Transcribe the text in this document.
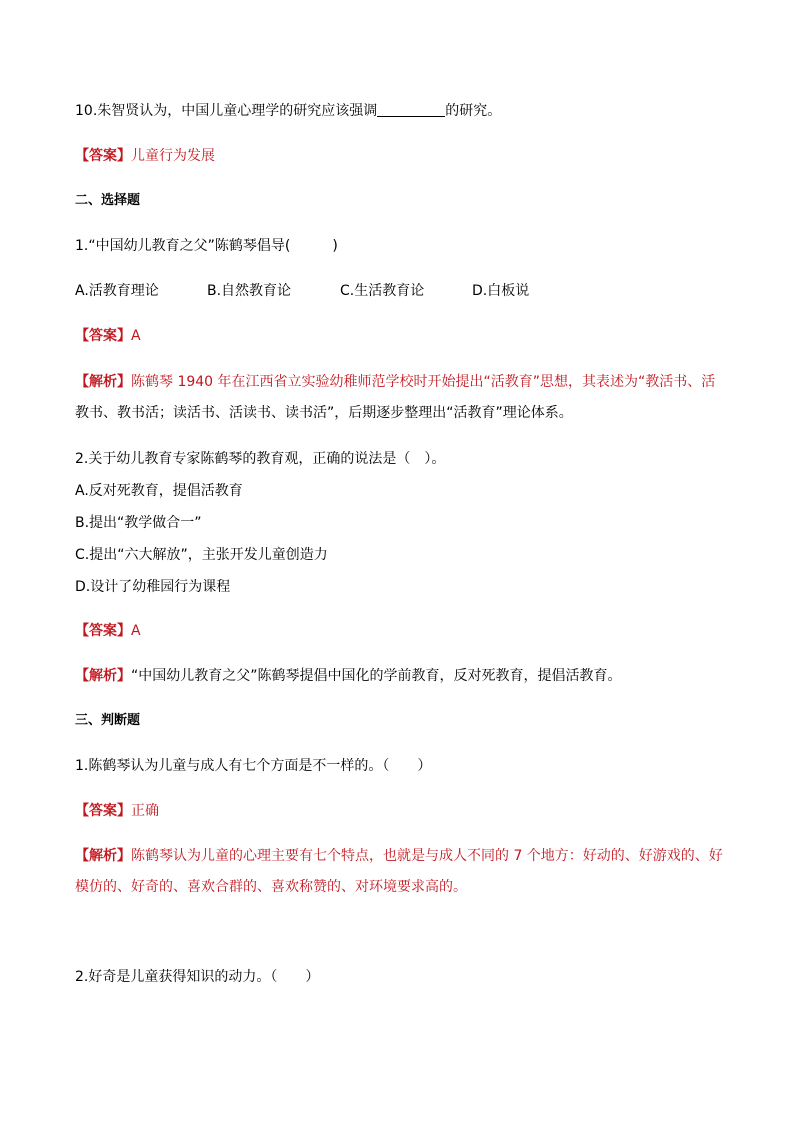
10.朱智贤认为，中国儿童心理学的研究应该强调	的研究。
【答案】儿童行为发展
二、选择题
1.“中国幼儿教育之父”陈鹤琴倡导(　　　)
A.活教育理论	B.自然教育论	C.生活教育论	D.白板说
【答案】A
【解析】陈鹤琴 1940 年在江西省立实验幼稚师范学校时开始提出“活教育”思想，其表述为“教活书、活
教书、教书活；读活书、活读书、读书活”，后期逐步整理出“活教育”理论体系。
2.关于幼儿教育专家陈鹤琴的教育观，正确的说法是（　）。
A.反对死教育，提倡活教育
B.提出“教学做合一”
C.提出“六大解放”，主张开发儿童创造力
D.设计了幼稚园行为课程
【答案】A
【解析】“中国幼儿教育之父”陈鹤琴提倡中国化的学前教育，反对死教育，提倡活教育。
三、判断题
1.陈鹤琴认为儿童与成人有七个方面是不一样的。（　　）
【答案】正确
【解析】陈鹤琴认为儿童的心理主要有七个特点，也就是与成人不同的 7 个地方：好动的、好游戏的、好
模仿的、好奇的、喜欢合群的、喜欢称赞的、对环境要求高的。
2.好奇是儿童获得知识的动力。（　　）
